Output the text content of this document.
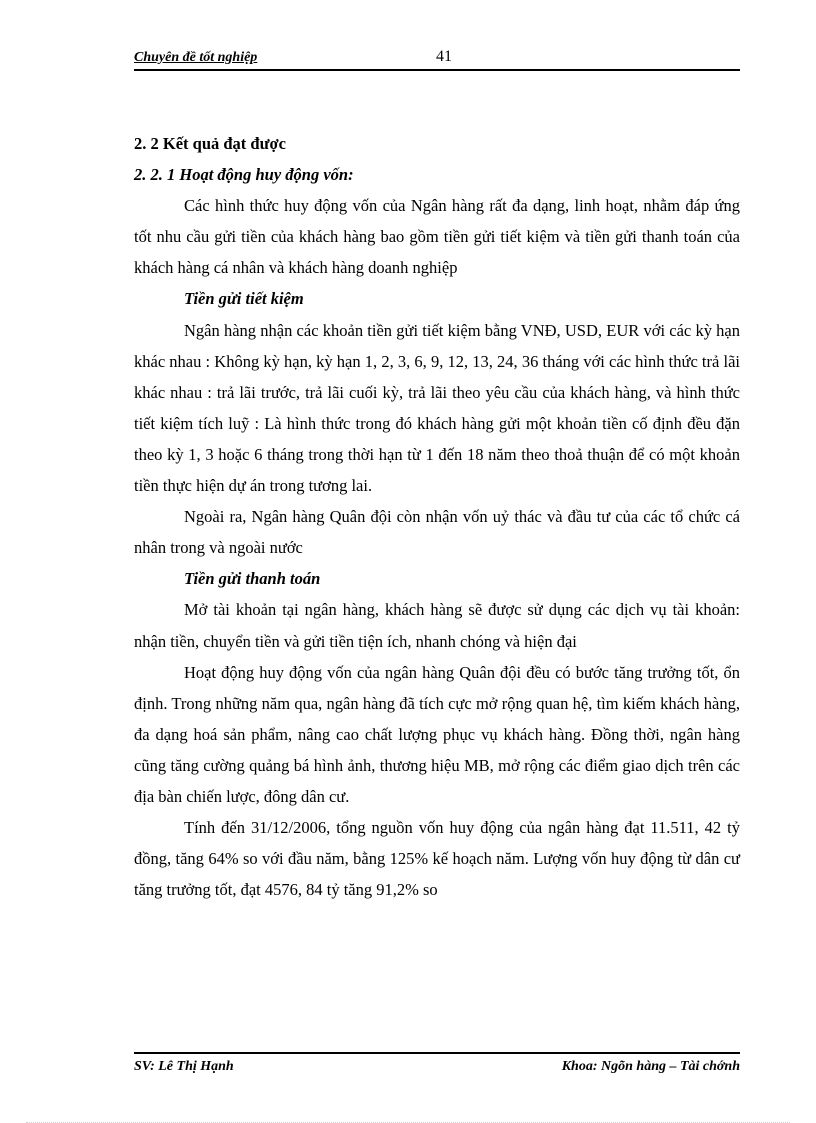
Chuyên đề tốt nghiệp	41

2. 2 Kết quả đạt được

2. 2. 1 Hoạt động huy động vốn:

Các hình thức huy động vốn của Ngân hàng rất đa dạng, linh hoạt, nhằm đáp ứng tốt nhu cầu gửi tiền của khách hàng bao gồm tiền gửi tiết kiệm và tiền gửi thanh toán của khách hàng cá nhân và khách hàng doanh nghiệp

Tiền gửi tiết kiệm

Ngân hàng nhận các khoản tiền gửi tiết kiệm bằng VNĐ, USD, EUR với các kỳ hạn khác nhau : Không kỳ hạn, kỳ hạn 1, 2, 3, 6, 9, 12, 13, 24, 36 tháng với các hình thức trả lãi khác nhau : trả lãi trước, trả lãi cuối kỳ, trả lãi theo yêu cầu của khách hàng, và hình thức tiết kiệm tích luỹ : Là hình thức trong đó khách hàng gửi một khoản tiền cố định đều đặn theo kỳ 1, 3 hoặc 6 tháng trong thời hạn từ 1 đến 18 năm theo thoả thuận để có một khoản tiền thực hiện dự án trong tương lai.

Ngoài ra, Ngân hàng Quân đội còn nhận vốn uỷ thác và đầu tư của các tổ chức cá nhân trong và ngoài nước

Tiền gửi thanh toán

Mở tài khoản tại ngân hàng, khách hàng sẽ được sử dụng các dịch vụ tài khoản: nhận tiền, chuyển tiền và gửi tiền tiện ích, nhanh chóng và hiện đại

Hoạt động huy động vốn của ngân hàng Quân đội đều có bước tăng trưởng tốt, ổn định. Trong những năm qua, ngân hàng đã tích cực mở rộng quan hệ, tìm kiếm khách hàng, đa dạng hoá sản phẩm, nâng cao chất lượng phục vụ khách hàng. Đồng thời, ngân hàng cũng tăng cường quảng bá hình ảnh, thương hiệu MB, mở rộng các điểm giao dịch trên các địa bàn chiến lược, đông dân cư.

Tính đến 31/12/2006, tổng nguồn vốn huy động của ngân hàng đạt 11.511, 42 tỷ đồng, tăng 64% so với đầu năm, bằng 125% kế hoạch năm. Lượng vốn huy động từ dân cư tăng trưởng tốt, đạt 4576, 84 tỷ tăng 91,2% so

SV: Lê Thị Hạnh	Khoa: Ngõn hàng – Tài chớnh
